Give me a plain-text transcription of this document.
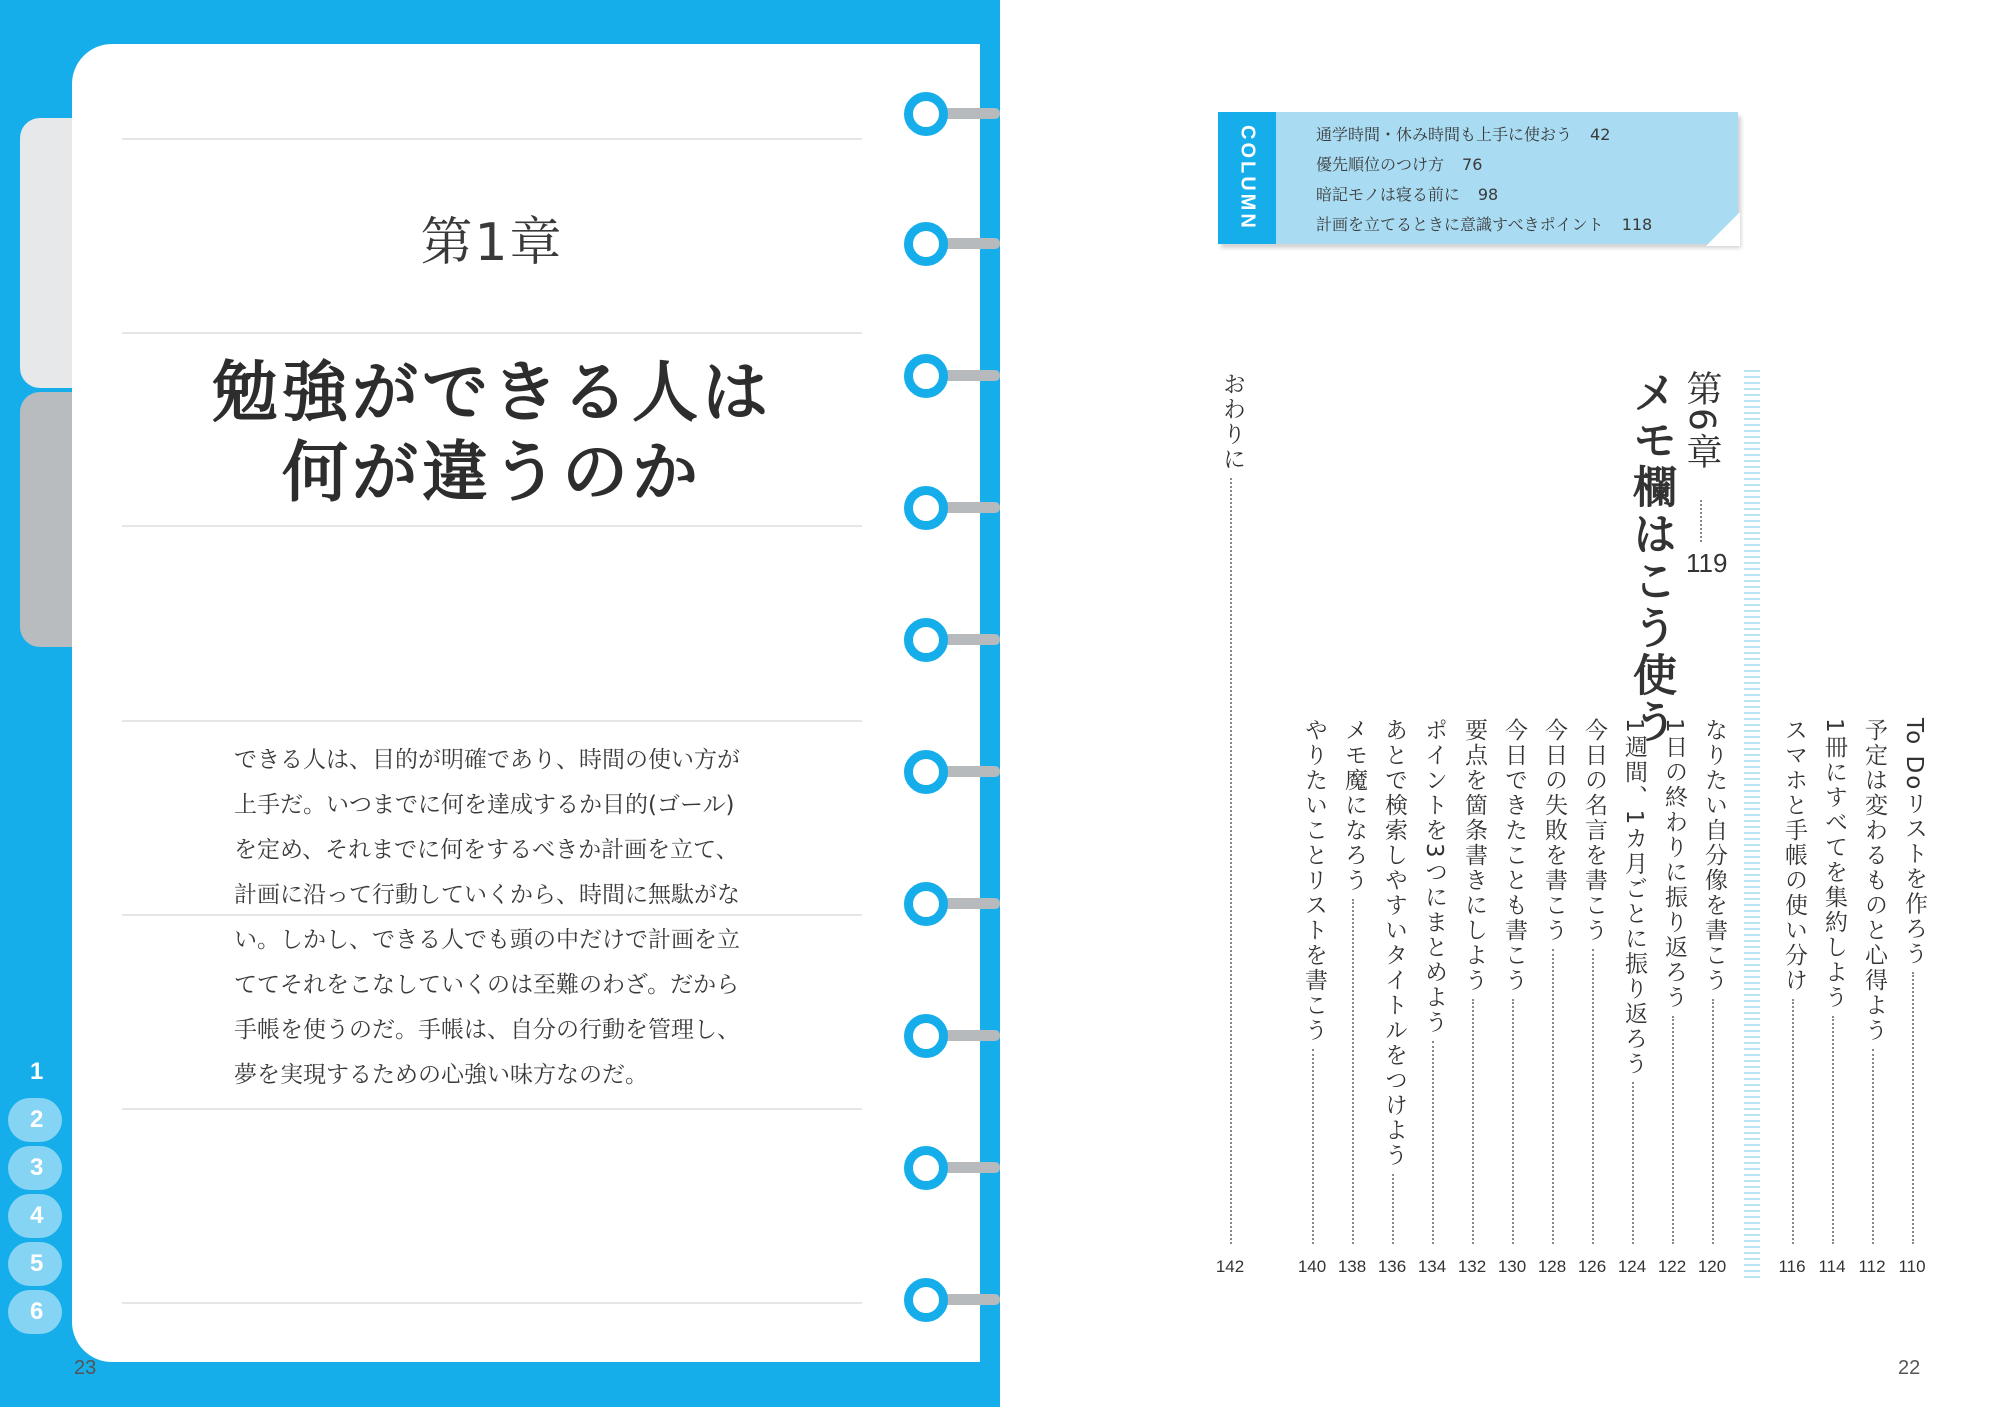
1
2
3
4
5
6
第1章
勉強ができる人は
何が違うのか
できる人は、目的が明確であり、時間の使い方が
上手だ。いつまでに何を達成するか目的(ゴール)
を定め、それまでに何をするべきか計画を立て、
計画に沿って行動していくから、時間に無駄がな
い。しかし、できる人でも頭の中だけで計画を立
ててそれをこなしていくのは至難のわざ。だから
手帳を使うのだ。手帳は、自分の行動を管理し、
夢を実現するための心強い味方なのだ。
23
COLUMN	通学時間・休み時間も上手に使おう 42
優先順位のつけ方 76
暗記モノは寝る前に 98
計画を立てるときに意識すべきポイント 118
第6章
119
メモ欄はこう使う
To Doリストを作ろう
110
予定は変わるものと心得よう
112
1冊にすべてを集約しよう
114
スマホと手帳の使い分け
116
なりたい自分像を書こう
120
1日の終わりに振り返ろう
122
1週間、1カ月ごとに振り返ろう
124
今日の名言を書こう
126
今日の失敗を書こう
128
今日できたことも書こう
130
要点を箇条書きにしよう
132
ポイントを3つにまとめよう
134
あとで検索しやすいタイトルをつけよう
136
メモ魔になろう
138
やりたいことリストを書こう
140
おわりに
142
22
